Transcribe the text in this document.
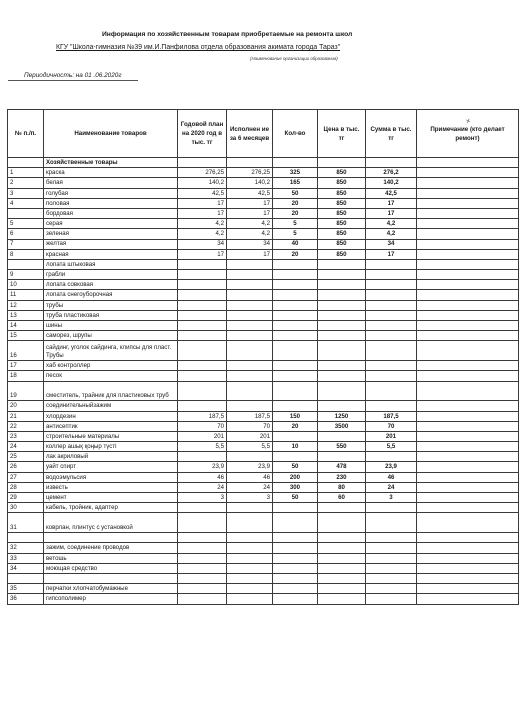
Информация по хозяйственным товарам приобретаемые на ремонта школ
КГУ "Школа-гимназия №39 им.И.Панфилова отдела образования акимата города Тараз"
(Наименование организации образования)
Периодичность: на 01 .06.2020г
✕
№ п./п.	Наименование товаров	Годовой план на 2020 год в тыс. тг	Исполнен ие за 6 месяцев	Кол-во	Цена в тыс. тг	Сумма в тыс. тг	Примечание (кто делает ремонт)
	Хозяйственные товары						
1	краска	276,25	276,25	325	850	276,2	
2	белая	140,2	140,2	165	850	140,2	
3	голубая	42,5	42,5	50	850	42,5	
4	половая	17	17	20	850	17	
	бордовая	17	17	20	850	17	
5	серая	4,2	4,2	5	850	4,2	
6	зеленая	4,2	4,2	5	850	4,2	
7	желтая	34	34	40	850	34	
8	красная	17	17	20	850	17	
	лопата штыковая						
9	грабли						
10	лопата совковая						
11	лопата снегоуборочная						
12	трубы						
13	труба пластиковая						
14	шины						
15	саморез, шрупы						
16	сайдинг, уголок сайдинга, клипсы для пласт. Трубы						
17	хаб контроллер						
18	песок						
19	сместитель, трайник для пластиковых труб						
20	соединительныйзажим						
21	хлордезин	187,5	187,5	150	1250	187,5	
22	антисептик	70	70	20	3500	70	
23	строительные материалы	201	201			201	
24	коллер ашық қоңыр түсті	5,5	5,5	10	550	5,5	
25	лак акриловый						
26	уайт спирт	23,9	23,9	50	478	23,9	
27	водоэмульсия	46	46	200	230	46	
28	известь	24	24	300	80	24	
29	цемент	3	3	50	60	3	
30	кабель, тройник, адаптер						
31	коврлан, плинтус с установкой						

32	зажим, соединение проводов						
33	ветошь						
34	моющая средство						

35	перчатки хлопчатобумажные						
36	гипсополимер						
